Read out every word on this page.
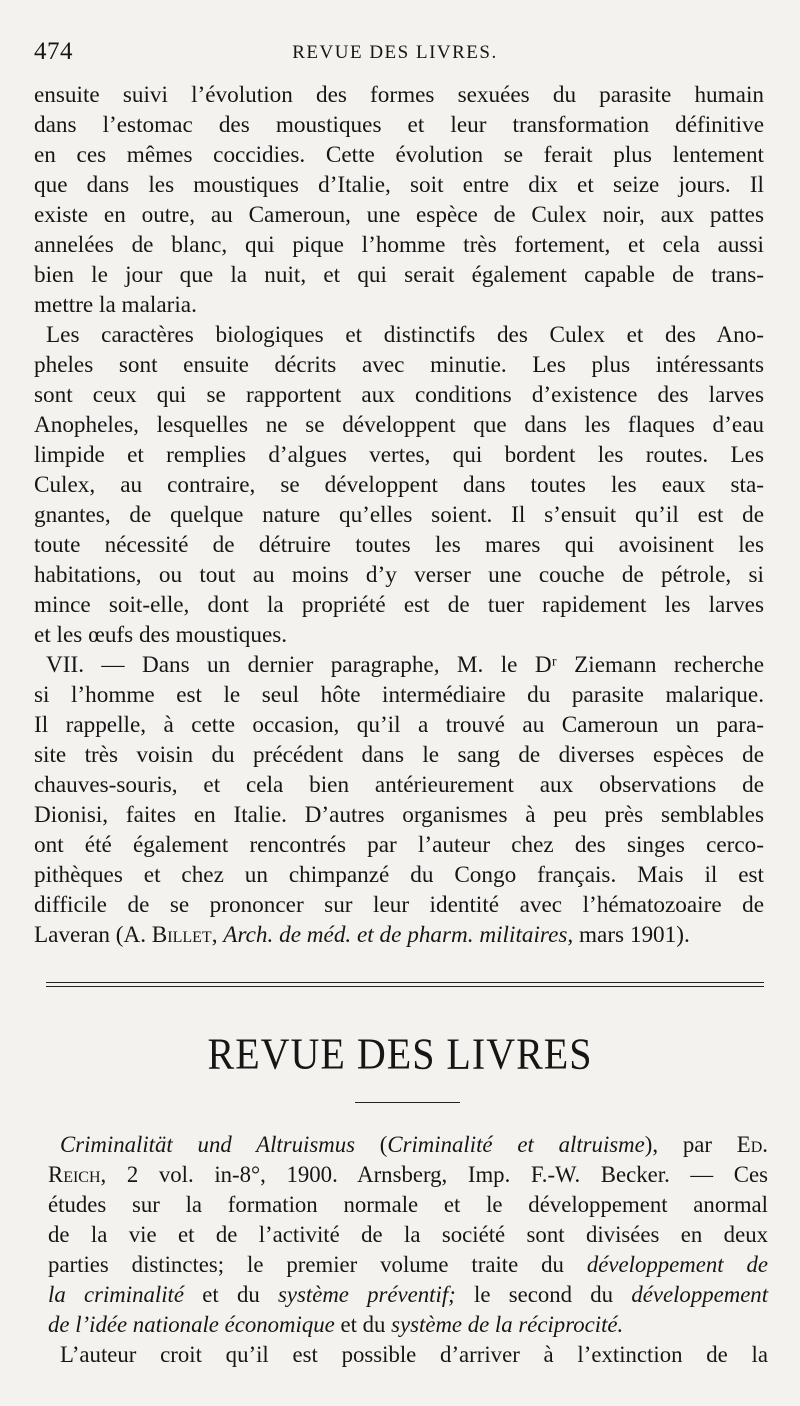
474	REVUE DES LIVRES.
ensuite suivi l’évolution des formes sexuées du parasite humain
dans l’estomac des moustiques et leur transformation définitive
en ces mêmes coccidies. Cette évolution se ferait plus lentement
que dans les moustiques d’Italie, soit entre dix et seize jours. Il
existe en outre, au Cameroun, une espèce de Culex noir, aux pattes
annelées de blanc, qui pique l’homme très fortement, et cela aussi
bien le jour que la nuit, et qui serait également capable de trans-
mettre la malaria.
Les caractères biologiques et distinctifs des Culex et des Ano-
pheles sont ensuite décrits avec minutie. Les plus intéressants
sont ceux qui se rapportent aux conditions d’existence des larves
Anopheles, lesquelles ne se développent que dans les flaques d’eau
limpide et remplies d’algues vertes, qui bordent les routes. Les
Culex, au contraire, se développent dans toutes les eaux sta-
gnantes, de quelque nature qu’elles soient. Il s’ensuit qu’il est de
toute nécessité de détruire toutes les mares qui avoisinent les
habitations, ou tout au moins d’y verser une couche de pétrole, si
mince soit-elle, dont la propriété est de tuer rapidement les larves
et les œufs des moustiques.
VII. — Dans un dernier paragraphe, M. le Dʳ Ziemann recherche
si l’homme est le seul hôte intermédiaire du parasite malarique.
Il rappelle, à cette occasion, qu’il a trouvé au Cameroun un para-
site très voisin du précédent dans le sang de diverses espèces de
chauves-souris, et cela bien antérieurement aux observations de
Dionisi, faites en Italie. D’autres organismes à peu près semblables
ont été également rencontrés par l’auteur chez des singes cerco-
pithèques et chez un chimpanzé du Congo français. Mais il est
difficile de se prononcer sur leur identité avec l’hématozoaire de
Laveran (A. Billet, Arch. de méd. et de pharm. militaires, mars 1901).
REVUE DES LIVRES
Criminalität und Altruismus (Criminalité et altruisme), par Ed.
Reich, 2 vol. in-8°, 1900. Arnsberg, Imp. F.-W. Becker. — Ces
études sur la formation normale et le développement anormal
de la vie et de l’activité de la société sont divisées en deux
parties distinctes; le premier volume traite du développement de
la criminalité et du système préventif; le second du développement
de l’idée nationale économique et du système de la réciprocité.
L’auteur croit qu’il est possible d’arriver à l’extinction de la
